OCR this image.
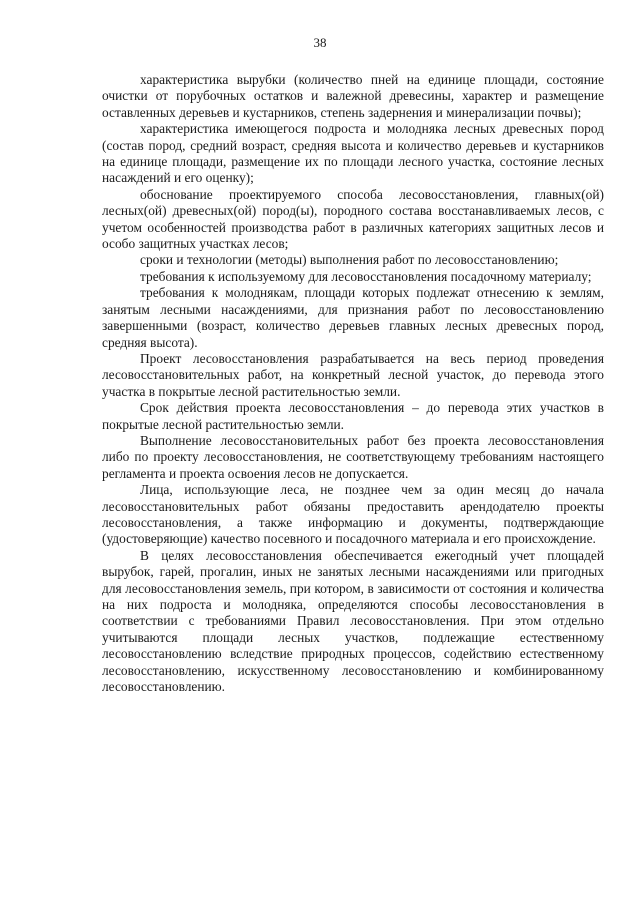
38

характеристика вырубки (количество пней на единице площади, состояние очистки от порубочных остатков и валежной древесины, характер и размещение оставленных деревьев и кустарников, степень задернения и минерализации почвы);

характеристика имеющегося подроста и молодняка лесных древесных пород (состав пород, средний возраст, средняя высота и количество деревьев и кустарников на единице площади, размещение их по площади лесного участка, состояние лесных насаждений и его оценку);

обоснование проектируемого способа лесовосстановления, главных(ой) лесных(ой) древесных(ой) пород(ы), породного состава восстанавливаемых лесов, с учетом особенностей производства работ в различных категориях защитных лесов и особо защитных участках лесов;

сроки и технологии (методы) выполнения работ по лесовосстановлению;

требования к используемому для лесовосстановления посадочному материалу;

требования к молоднякам, площади которых подлежат отнесению к землям, занятым лесными насаждениями, для признания работ по лесовосстановлению завершенными (возраст, количество деревьев главных лесных древесных пород, средняя высота).

Проект лесовосстановления разрабатывается на весь период проведения лесовосстановительных работ, на конкретный лесной участок, до перевода этого участка в покрытые лесной растительностью земли.

Срок действия проекта лесовосстановления – до перевода этих участков в покрытые лесной растительностью земли.

Выполнение лесовосстановительных работ без проекта лесовосстановления либо по проекту лесовосстановления, не соответствующему требованиям настоящего регламента и проекта освоения лесов не допускается.

Лица, использующие леса, не позднее чем за один месяц до начала лесовосстановительных работ обязаны предоставить арендодателю проекты лесовосстановления, а также информацию и документы, подтверждающие (удостоверяющие) качество посевного и посадочного материала и его происхождение.

В целях лесовосстановления обеспечивается ежегодный учет площадей вырубок, гарей, прогалин, иных не занятых лесными насаждениями или пригодных для лесовосстановления земель, при котором, в зависимости от состояния и количества на них подроста и молодняка, определяются способы лесовосстановления в соответствии с требованиями Правил лесовосстановления. При этом отдельно учитываются площади лесных участков, подлежащие естественному лесовосстановлению вследствие природных процессов, содействию естественному лесовосстановлению, искусственному лесовосстановлению и комбинированному лесовосстановлению.
